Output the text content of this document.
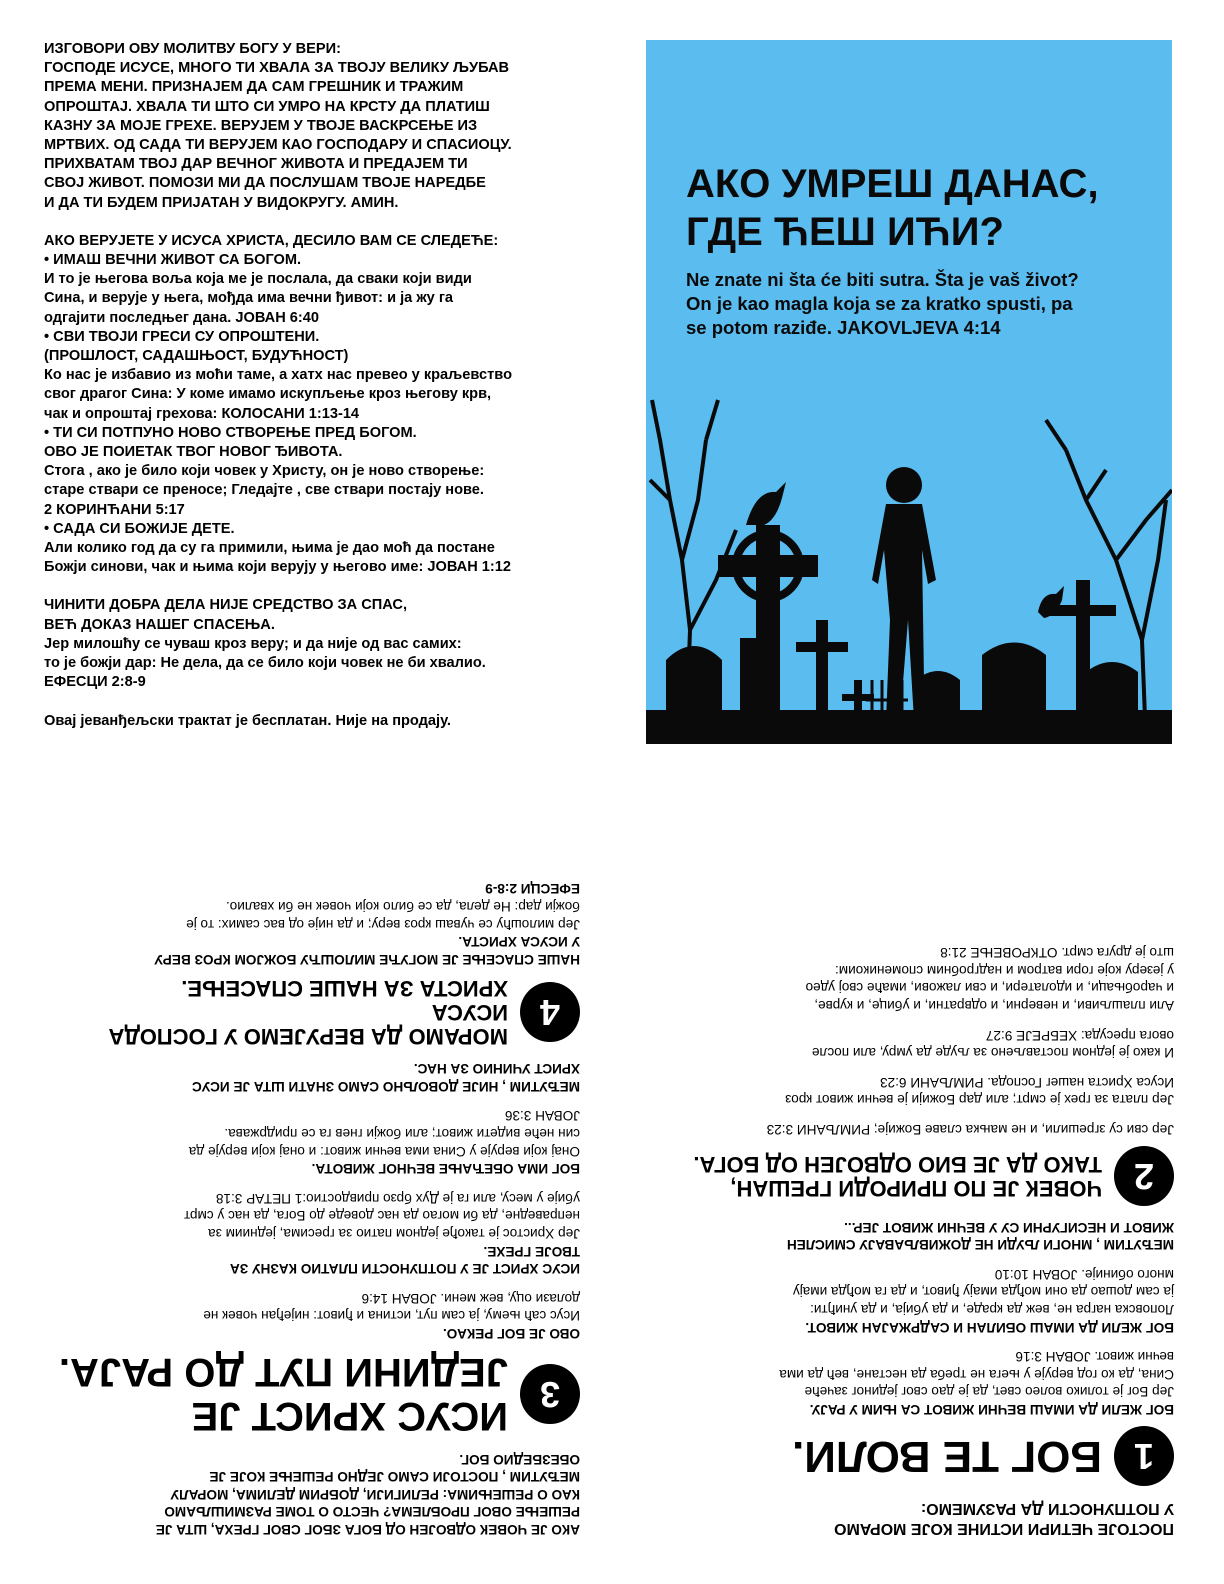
ИЗГОВОРИ ОВУ МОЛИТВУ БОГУ У ВЕРИ:

ГОСПОДЕ ИСУСЕ, МНОГО ТИ ХВАЛА ЗА ТВОЈУ ВЕЛИКУ ЉУБАВ

ПРЕМА МЕНИ. ПРИЗНАЈЕМ ДА САМ ГРЕШНИК И ТРАЖИМ

ОПРОШТАЈ. ХВАЛА ТИ ШТО СИ УМРО НА КРСТУ ДА ПЛАТИШ

КАЗНУ ЗА МОЈЕ ГРЕХЕ. ВЕРУЈЕМ У ТВОЈЕ ВАСКРСЕЊЕ ИЗ

МРТВИХ. ОД САДА ТИ ВЕРУЈЕМ КАО ГОСПОДАРУ И СПАСИОЦУ.

ПРИХВАТАМ ТВОЈ ДАР ВЕЧНОГ ЖИВОТА И ПРЕДАЈЕМ ТИ

СВОЈ ЖИВОТ. ПОМОЗИ МИ ДА ПОСЛУШАМ ТВОЈЕ НАРЕДБЕ

И ДА ТИ БУДЕМ ПРИЈАТАН У ВИДОКРУГУ. АМИН.

АКО ВЕРУЈЕТЕ У ИСУСА ХРИСТА, ДЕСИЛО ВАМ СЕ СЛЕДЕЋЕ:

• ИМАШ ВЕЧНИ ЖИВОТ СА БОГОМ.

И то је његова воља која ме је послала, да сваки који види

Сина, и верује у њега, мођда има вечни ђивот: и ја жу га

одгајити последњег дана. ЈОВАН 6:40

• СВИ ТВОЈИ ГРЕСИ СУ ОПРОШТЕНИ.

(ПРОШЛОСТ, САДАШЊОСТ, БУДУЋНОСТ)

Ко нас је избавио из моћи таме, а хатх нас превео у краљевство

свог драгог Сина: У коме имамо искупљење кроз његову крв,

чак и опроштај грехова: КОЛОСАНИ 1:13-14

• ТИ СИ ПОТПУНО НОВО СТВОРЕЊЕ ПРЕД БОГОМ.

ОВО ЈЕ ПОИЕТАК ТВОГ НОВОГ ЂИВОТА.

Стога , ако је било који човек у Христу, он је ново створење:

старе ствари се преносе; Гледајте , све ствари постају нове.

2 КОРИНЋАНИ 5:17

• САДА СИ БОЖИЈЕ ДЕТЕ.

Али колико год да су га примили, њима је дао моћ да постане

Божји синови, чак и њима који верују у његово име: ЈОВАН 1:12

ЧИНИТИ ДОБРА ДЕЛА НИЈЕ СРЕДСТВО ЗА СПАС,

ВЕЋ ДОКАЗ НАШЕГ СПАСЕЊА.

Јер милошћу се чуваш кроз веру; и да није од вас самих:

то је божји дар: Не дела, да се било који човек не би хвалио.

ЕФЕСЦИ 2:8-9

Овај јеванђељски трактат је бесплатан. Није на продају.

АКО УМРЕШ ДАНАС,
ГДЕ ЋЕШ ИЋИ?
Ne znate ni šta će biti sutra. Šta je vaš život?
On je kao magla koja se za kratko spusti, pa
se potom raziđe. JAKOVLJEVA 4:14

АКО ЈЕ ЧОВЕК ОДВОЈЕН ОД БОГА ЗБОГ СВОГ ГРЕХА, ШТА ЈЕ

РЕШЕЊЕ ОВОГ ПРОБЛЕМА? ЧЕСТО О ТОМЕ РАЗМИШЉАМО

КАО О РЕШЕЊИМА: РЕЛИГИЈИ, ДОБРИМ ДЕЛИМА, МОРАЛУ

МЕЂУТИМ , ПОСТОЈИ САМО ЈЕДНО РЕШЕЊЕ КОЈЕ ЈЕ

ОБЕЗБЕДИО БОГ.

3
ИСУС ХРИСТ ЈЕ
ЈЕДИНИ ПУТ ДО РАЈА.

ОВО ЈЕ БОГ РЕКАО.

Исус саћ њему, ја сам пут, истина и ђивот: нијеђан човек не

долази оцу, веж мени. ЈОВАН 14:6

ИСУС ХРИСТ ЈЕ У ПОТПУНОСТИ ПЛАТИО КАЗНУ ЗА

ТВОЈЕ ГРЕХЕ.

Јер Христос је такође једном патио за гресима, једниим за

неправедне, да би могао да нас доведе до Бога, да нас у смрт

убије у месу, али га је Дух брзо привдостио:1 ПЕТАР 3:18

БОГ ИМА ОБЕЋАЊЕ ВЕЧНОГ ЖИВОТА.

Онај који верује у Сина има вечни живот: и онај који верује да

син неће видети живот; али божји гнев га се придржава.

ЈОВАН 3:36

МЕЂУТИМ , НИЈЕ ДОВОЉНО САМО ЗНАТИ ШТА ЈЕ ИСУС

ХРИСТ УЧИНИО ЗА НАС.

4
МОРАМО ДА ВЕРУЈЕМО У ГОСПОДА ИСУСА
ХРИСТА ЗА НАШЕ СПАСЕЊЕ.

НАШЕ СПАСЕЊЕ ЈЕ МОГУЋЕ МИЛОШЋУ БОЖЈОМ КРОЗ ВЕРУ

У ИСУСА ХРИСТА.

Јер милошћу се чуваш кроз веру; и да није од вас самих: то је

божји дар: Не дела, да се било који човек не би хвалио.

ЕФЕСЦИ 2:8-9

ПОСТОЈЕ ЧЕТИРИ ИСТИНЕ КОЈЕ МОРАМО

У ПОТПУНОСТИ ДА РАЗУМЕМО:

1
БОГ ТЕ ВОЛИ.

БОГ ЖЕЛИ ДА ИМАШ ВЕЧНИ ЖИВОТ СА ЊИМ У РАЈУ.

Јер Бог је толико волео свет, да је дао свог јединог зачеће

Сина, да ко год верује у њега не треба да нестане, већ да има

вечни живот. ЈОВАН 3:16

БОГ ЖЕЛИ ДА ИМАШ ОБИЛАН И САДРЖАЈАН ЖИВОТ.

Лоповска награ не, веж да краде, и да убија, и да униђти:

ја сам дошао да они мођда имају ђивот, и да га мођда имају

много обиније. ЈОВАН 10:10

МЕЂУТИМ , МНОГИ ЉУДИ НЕ ДОЖИВЉАВАЈУ СМИСЛЕН

ЖИВОТ И НЕСИГУРНИ СУ У ВЕЧНИ ЖИВОТ ЈЕР...

2
ЧОВЕК ЈЕ ПО ПРИРОДИ ГРЕШАН,
ТАКО ДА ЈЕ БИО ОДВОЈЕН ОД БОГА.

Јер сви су згрешили, и не мањка славе Божије; РИМЉАНИ 3:23

Јер плата за грех је смрт; али дар Божији је вечни живот кроз

Исуса Христа нашег Господа. РИМЉАНИ 6:23

И како је једном постављено за људе да умру, али после

овога пресуда: ХЕБРЕЈЕ 9:27

Али плашљиви, и неверни, и одвратни, и убице, и курве,

и чаробњаци, и идолатери, и сви лажови, имаће свој удео

у језеру које гори ватром и надгробним споменикоим:

што је друга смрт. ОТКРОВЕЊЕ 21:8
